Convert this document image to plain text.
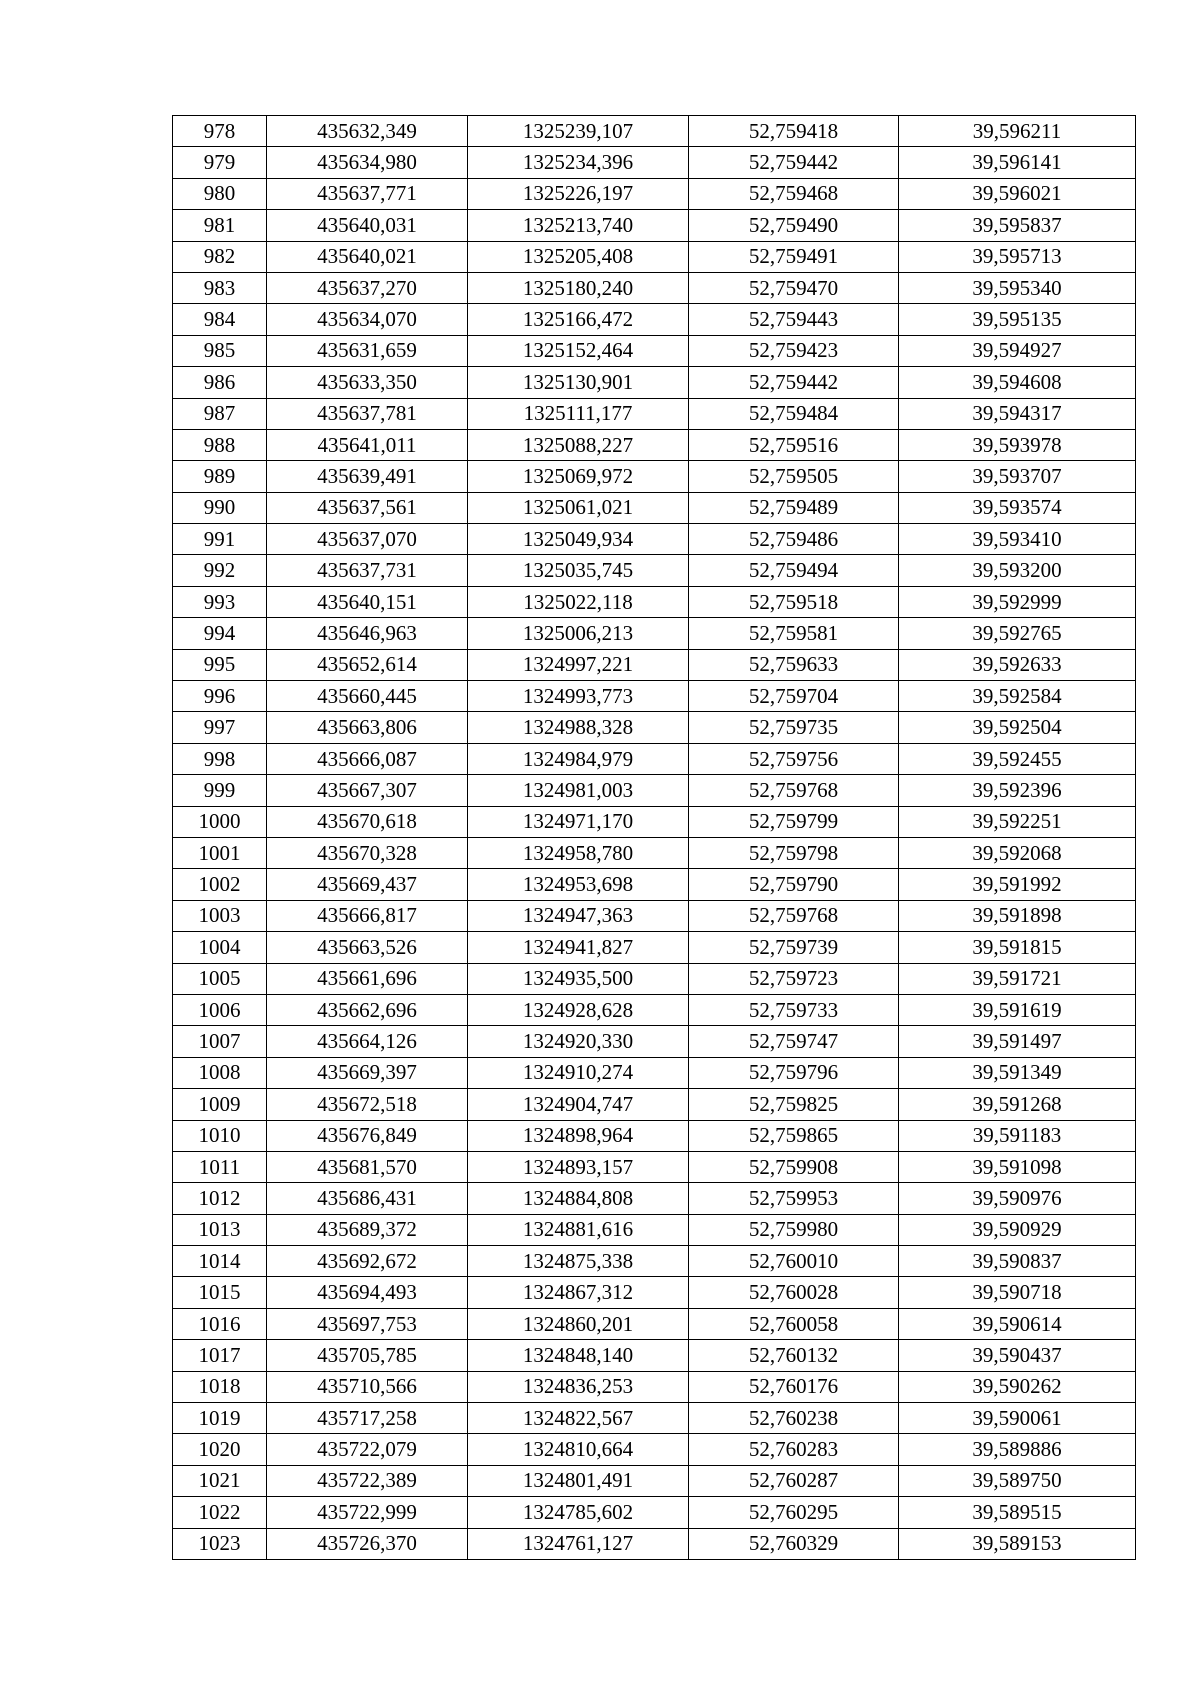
978	435632,349	1325239,107	52,759418	39,596211
979	435634,980	1325234,396	52,759442	39,596141
980	435637,771	1325226,197	52,759468	39,596021
981	435640,031	1325213,740	52,759490	39,595837
982	435640,021	1325205,408	52,759491	39,595713
983	435637,270	1325180,240	52,759470	39,595340
984	435634,070	1325166,472	52,759443	39,595135
985	435631,659	1325152,464	52,759423	39,594927
986	435633,350	1325130,901	52,759442	39,594608
987	435637,781	1325111,177	52,759484	39,594317
988	435641,011	1325088,227	52,759516	39,593978
989	435639,491	1325069,972	52,759505	39,593707
990	435637,561	1325061,021	52,759489	39,593574
991	435637,070	1325049,934	52,759486	39,593410
992	435637,731	1325035,745	52,759494	39,593200
993	435640,151	1325022,118	52,759518	39,592999
994	435646,963	1325006,213	52,759581	39,592765
995	435652,614	1324997,221	52,759633	39,592633
996	435660,445	1324993,773	52,759704	39,592584
997	435663,806	1324988,328	52,759735	39,592504
998	435666,087	1324984,979	52,759756	39,592455
999	435667,307	1324981,003	52,759768	39,592396
1000	435670,618	1324971,170	52,759799	39,592251
1001	435670,328	1324958,780	52,759798	39,592068
1002	435669,437	1324953,698	52,759790	39,591992
1003	435666,817	1324947,363	52,759768	39,591898
1004	435663,526	1324941,827	52,759739	39,591815
1005	435661,696	1324935,500	52,759723	39,591721
1006	435662,696	1324928,628	52,759733	39,591619
1007	435664,126	1324920,330	52,759747	39,591497
1008	435669,397	1324910,274	52,759796	39,591349
1009	435672,518	1324904,747	52,759825	39,591268
1010	435676,849	1324898,964	52,759865	39,591183
1011	435681,570	1324893,157	52,759908	39,591098
1012	435686,431	1324884,808	52,759953	39,590976
1013	435689,372	1324881,616	52,759980	39,590929
1014	435692,672	1324875,338	52,760010	39,590837
1015	435694,493	1324867,312	52,760028	39,590718
1016	435697,753	1324860,201	52,760058	39,590614
1017	435705,785	1324848,140	52,760132	39,590437
1018	435710,566	1324836,253	52,760176	39,590262
1019	435717,258	1324822,567	52,760238	39,590061
1020	435722,079	1324810,664	52,760283	39,589886
1021	435722,389	1324801,491	52,760287	39,589750
1022	435722,999	1324785,602	52,760295	39,589515
1023	435726,370	1324761,127	52,760329	39,589153
